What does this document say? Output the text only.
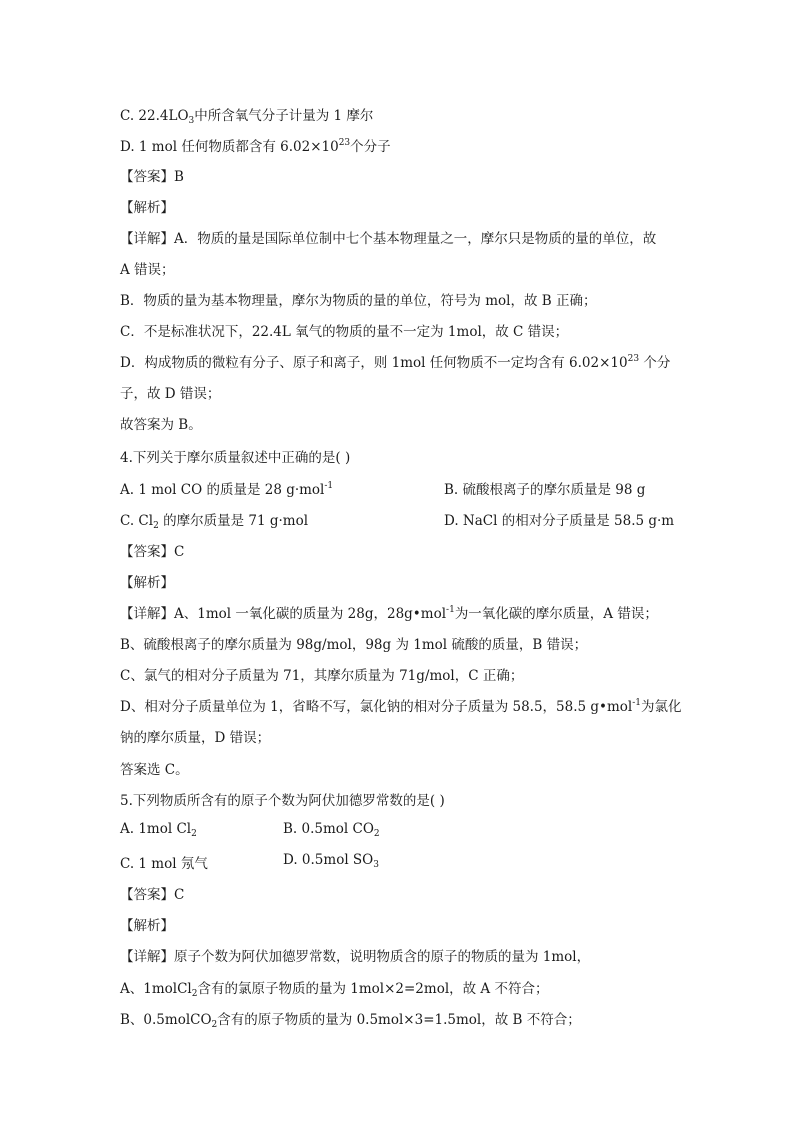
C. $22.4LO_3$中所含氧气分子计量为 1 摩尔
D. 1 mol 任何物质都含有 $6.02\times 10^{23}$个分子
【答案】B
【解析】
【详解】A．物质的量是国际单位制中七个基本物理量之一，摩尔只是物质的量的单位，故
A 错误；
B．物质的量为基本物理量，摩尔为物质的量的单位，符号为 mol，故 B 正确；
C．不是标准状况下，22.4L 氧气的物质的量不一定为 1mol，故 C 错误；
D．构成物质的微粒有分子、原子和离子，则 1mol 任何物质不一定均含有 $6.02\times 10^{23}$ 个分
子，故 D 错误；
故答案为 B。
4.下列关于摩尔质量叙述中正确的是( )
A. 1 mol CO 的质量是 28 g·mol$^{-1}$	B. 硫酸根离子的摩尔质量是 98 g
C. $Cl_2$ 的摩尔质量是 71 g·mol	D. NaCl 的相对分子质量是 58.5 g·m
【答案】C
【解析】
【详解】A、1mol 一氧化碳的质量为 28g，28g•mol$^{-1}$为一氧化碳的摩尔质量，A 错误；
B、硫酸根离子的摩尔质量为 98g/mol，98g 为 1mol 硫酸的质量，B 错误；
C、氯气的相对分子质量为 71，其摩尔质量为 71g/mol，C 正确；
D、相对分子质量单位为 1，省略不写，氯化钠的相对分子质量为 58.5，58.5 g•mol$^{-1}$为氯化
钠的摩尔质量，D 错误；
答案选 C。
5.下列物质所含有的原子个数为阿伏加德罗常数的是( )
A. 1mol $Cl_2$	B. 0.5mol $CO_2$
C. 1 mol 氖气	D. 0.5mol $SO_3$
【答案】C
【解析】
【详解】原子个数为阿伏加德罗常数，说明物质含的原子的物质的量为 1mol，
A、1molCl$_2$含有的氯原子物质的量为 1mol×2=2mol，故 A 不符合；
B、0.5molCO$_2$含有的原子物质的量为 0.5mol×3=1.5mol，故 B 不符合；
